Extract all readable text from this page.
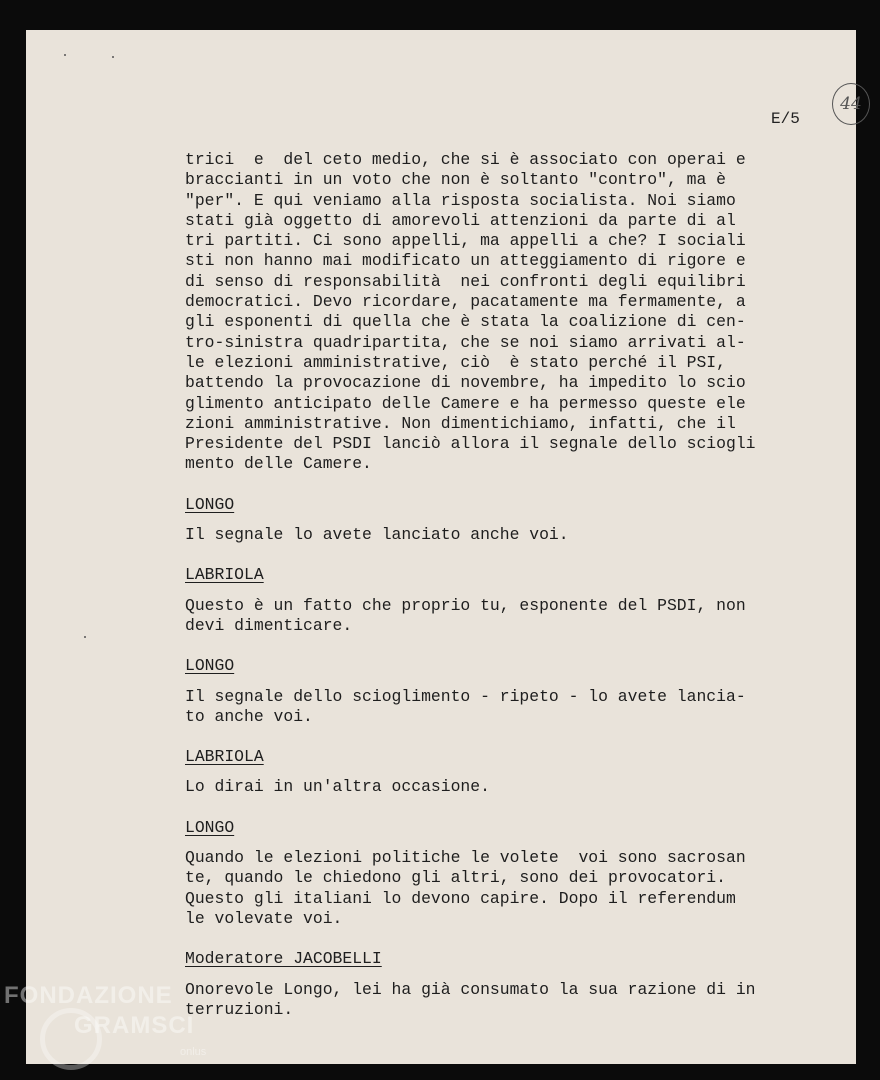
E/5
44
trici  e  del ceto medio, che si è associato con operai e
braccianti in un voto che non è soltanto "contro", ma è
"per". E qui veniamo alla risposta socialista. Noi siamo
stati già oggetto di amorevoli attenzioni da parte di al
tri partiti. Ci sono appelli, ma appelli a che? I sociali
sti non hanno mai modificato un atteggiamento di rigore e
di senso di responsabilità  nei confronti degli equilibri
democratici. Devo ricordare, pacatamente ma fermamente, a
gli esponenti di quella che è stata la coalizione di cen-
tro-sinistra quadripartita, che se noi siamo arrivati al-
le elezioni amministrative, ciò  è stato perché il PSI,
battendo la provocazione di novembre, ha impedito lo scio
glimento anticipato delle Camere e ha permesso queste ele
zioni amministrative. Non dimentichiamo, infatti, che il
Presidente del PSDI lanciò allora il segnale dello sciogli
mento delle Camere.
LONGO
Il segnale lo avete lanciato anche voi.
LABRIOLA
Questo è un fatto che proprio tu, esponente del PSDI, non
devi dimenticare.
LONGO
Il segnale dello scioglimento - ripeto - lo avete lancia-
to anche voi.
LABRIOLA
Lo dirai in un'altra occasione.
LONGO
Quando le elezioni politiche le volete  voi sono sacrosan
te, quando le chiedono gli altri, sono dei provocatori.
Questo gli italiani lo devono capire. Dopo il referendum
le volevate voi.
Moderatore JACOBELLI
Onorevole Longo, lei ha già consumato la sua razione di in
terruzioni.
FONDAZIONE
GRAMSCI
onlus
